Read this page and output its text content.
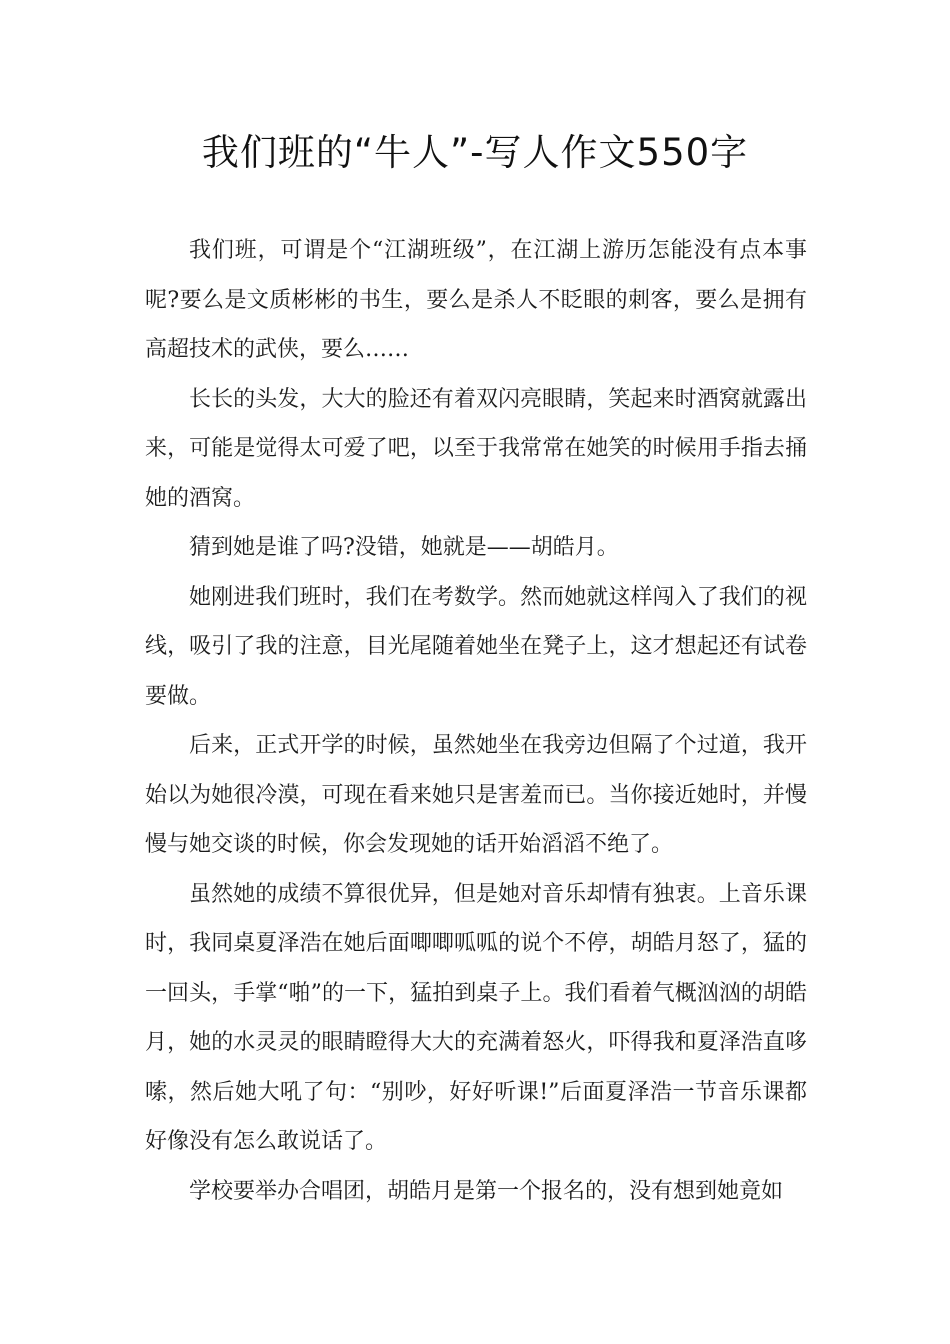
我们班的“牛人”-写人作文550字

我们班，可谓是个“江湖班级”，在江湖上游历怎能没有点本事呢?要么是文质彬彬的书生，要么是杀人不眨眼的刺客，要么是拥有高超技术的武侠，要么……

长长的头发，大大的脸还有着双闪亮眼睛，笑起来时酒窝就露出来，可能是觉得太可爱了吧，以至于我常常在她笑的时候用手指去捅她的酒窝。

猜到她是谁了吗?没错，她就是——胡皓月。

她刚进我们班时，我们在考数学。然而她就这样闯入了我们的视线，吸引了我的注意，目光尾随着她坐在凳子上，这才想起还有试卷要做。

后来，正式开学的时候，虽然她坐在我旁边但隔了个过道，我开始以为她很冷漠，可现在看来她只是害羞而已。当你接近她时，并慢慢与她交谈的时候，你会发现她的话开始滔滔不绝了。

虽然她的成绩不算很优异，但是她对音乐却情有独衷。上音乐课时，我同桌夏泽浩在她后面唧唧呱呱的说个不停，胡皓月怒了，猛的一回头，手掌“啪”的一下，猛拍到桌子上。我们看着气概汹汹的胡皓月，她的水灵灵的眼睛瞪得大大的充满着怒火，吓得我和夏泽浩直哆嗦，然后她大吼了句：“别吵，好好听课!”后面夏泽浩一节音乐课都好像没有怎么敢说话了。

学校要举办合唱团，胡皓月是第一个报名的，没有想到她竟如
